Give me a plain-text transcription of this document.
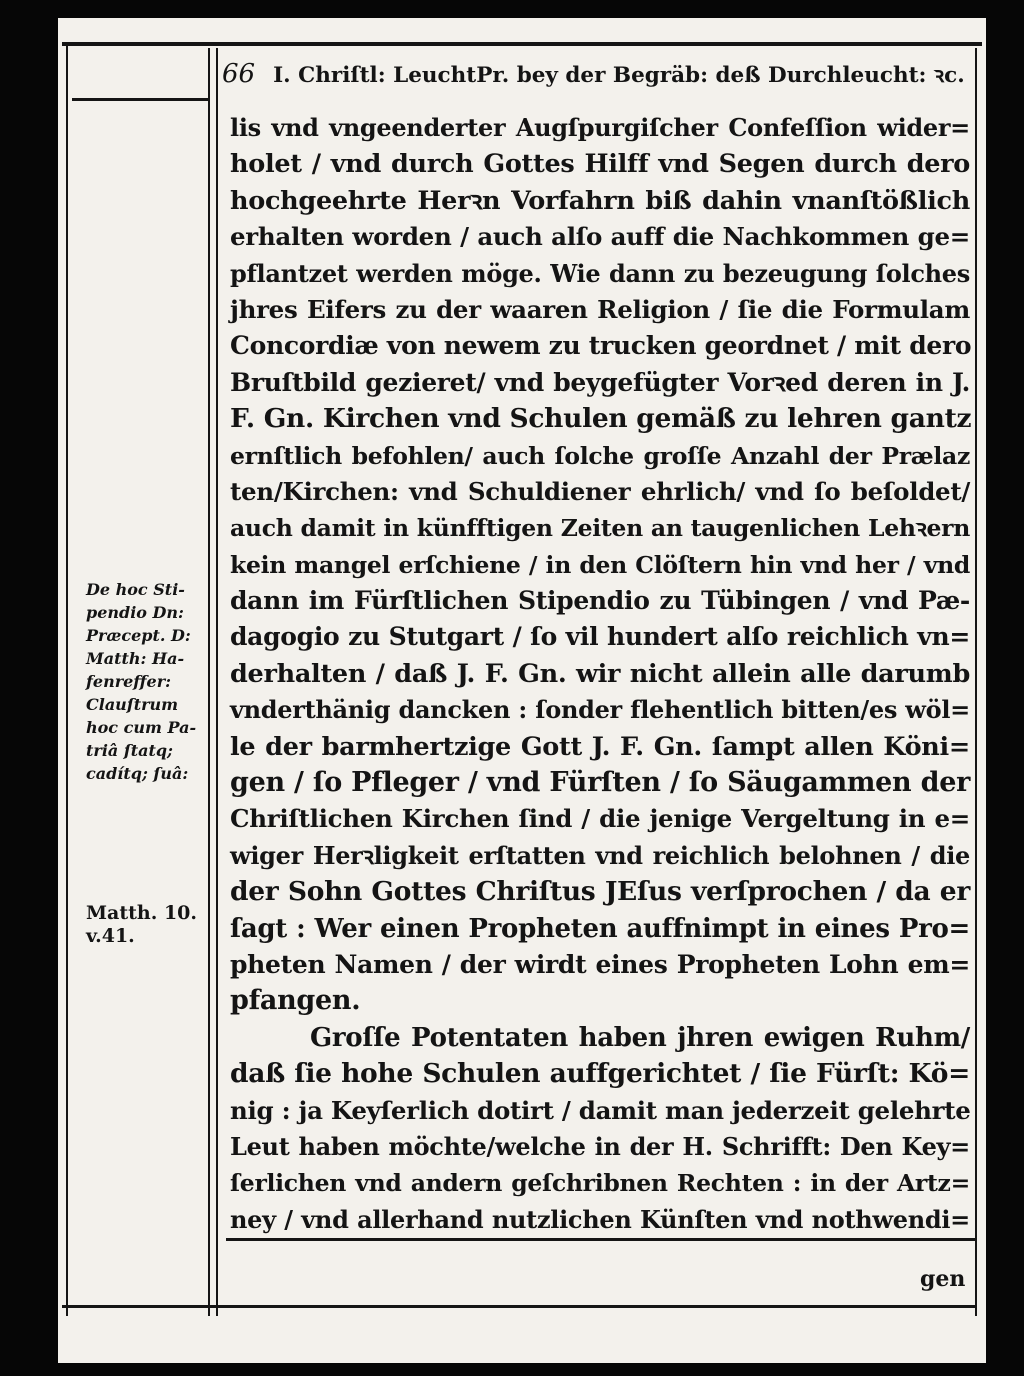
66 I. Chriſtl: LeuchtPr. bey der Begräb: deß Durchleucht: ꝛc.
lis vnd vngeenderter Augſpurgiſcher Confeſſion wider=
holet / vnd durch Gottes Hilff vnd Segen durch dero
hochgeehrte Herꝛn Vorfahrn biß dahin vnanſtößlich
erhalten worden / auch alſo auff die Nachkommen ge=
pflantzet werden möge. Wie dann zu bezeugung ſolches
jhres Eifers zu der waaren Religion / ſie die Formulam
Concordiæ von newem zu trucken geordnet / mit dero
Bruſtbild gezieret/ vnd beygefügter Vorꝛed deren in J.
F. Gn. Kirchen vnd Schulen gemäß zu lehren gantz
ernſtlich befohlen/ auch ſolche groſſe Anzahl der Prælaz
ten/Kirchen: vnd Schuldiener ehrlich/ vnd ſo beſoldet/
auch damit in künfftigen Zeiten an taugenlichen Lehꝛern
kein mangel erſchiene / in den Clöſtern hin vnd her / vnd
dann im Fürſtlichen Stipendio zu Tübingen / vnd Pæ-
dagogio zu Stutgart / ſo vil hundert alſo reichlich vn=
derhalten / daß J. F. Gn. wir nicht allein alle darumb
vnderthänig dancken : ſonder flehentlich bitten/es wöl=
le der barmhertzige Gott J. F. Gn. ſampt allen Köni=
gen / ſo Pfleger / vnd Fürſten / ſo Säugammen der
Chriſtlichen Kirchen ſind / die jenige Vergeltung in e=
wiger Herꝛligkeit erſtatten vnd reichlich belohnen / die
der Sohn Gottes Chriſtus JEſus verſprochen / da er
ſagt : Wer einen Propheten auffnimpt in eines Pro=
pheten Namen / der wirdt eines Propheten Lohn em=
pfangen.
Groſſe Potentaten haben jhren ewigen Ruhm/
daß ſie hohe Schulen auffgerichtet / ſie Fürſt: Kö=
nig : ja Keyſerlich dotirt / damit man jederzeit gelehrte
Leut haben möchte/welche in der H. Schrifft: Den Key=
ſerlichen vnd andern geſchribnen Rechten : in der Artz=
ney / vnd allerhand nutzlichen Künſten vnd nothwendi=
De hoc Sti-
pendio Dn:
Præcept. D:
Matth: Ha-
fenreffer:
Clauſtrum
hoc cum Pa-
triâ ſtatq;
cadítq; ſuâ:
Matth. 10.
v.41.
gen
